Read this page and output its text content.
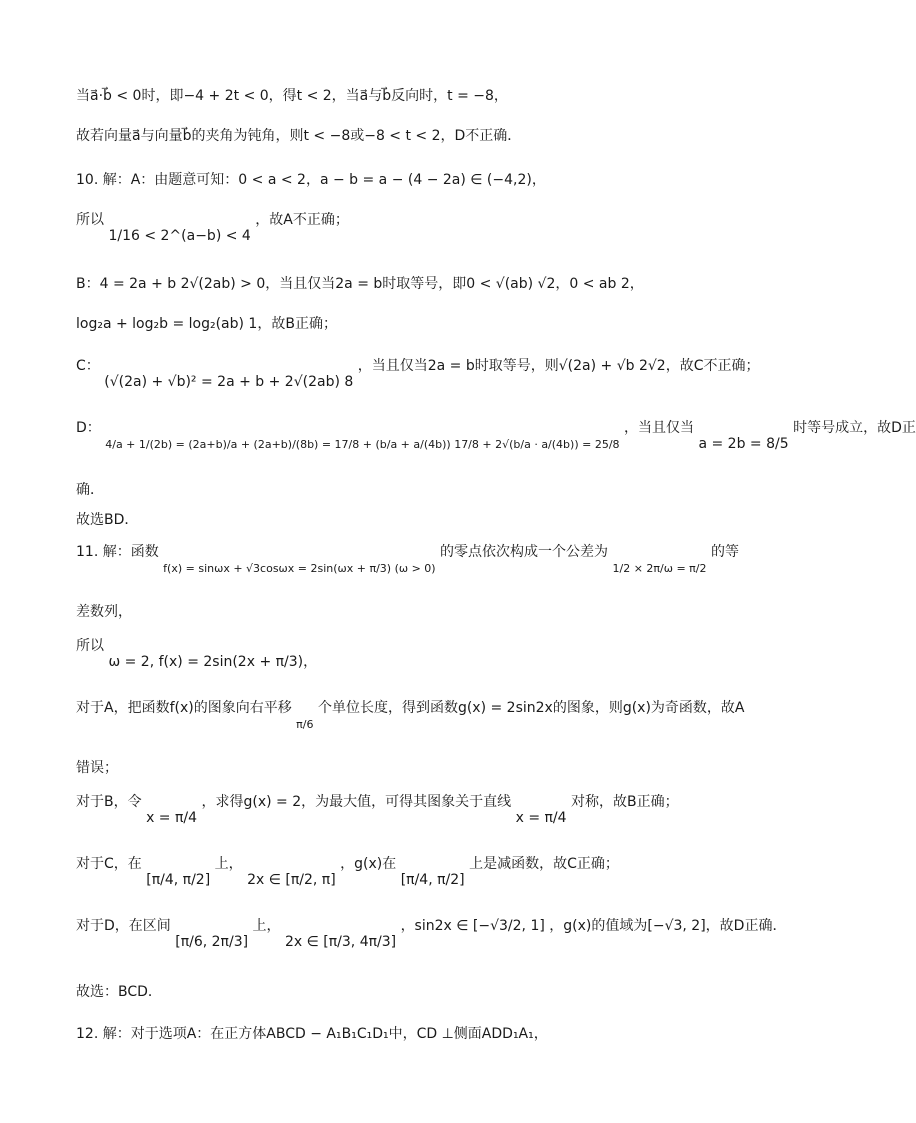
当a⃗·b⃗ < 0时，即−4 + 2t < 0，得t < 2，当a⃗与b⃗反向时，t = −8，
故若向量a⃗与向量b⃗的夹角为钝角，则t < −8或−8 < t < 2，D不正确．
10. 解：A：由题意可知：0 < a < 2，a − b = a − (4 − 2a) ∈ (−4,2)，
所以 1/16 < 2^(a−b) < 4 ，故A不正确；
B：4 = 2a + b 2√(2ab) > 0，当且仅当2a = b时取等号，即0 < √(ab) √2，0 < ab 2，
log₂a + log₂b = log₂(ab) 1，故B正确；
C： (√(2a) + √b)² = 2a + b + 2√(2ab) 8 ，当且仅当2a = b时取等号，则√(2a) + √b 2√2，故C不正确；
D： 4/a + 1/(2b) = (2a+b)/a + (2a+b)/(8b) = 17/8 + (b/a + a/(4b)) 17/8 + 2√(b/a · a/(4b)) = 25/8 ，当且仅当 a = 2b = 8/5 时等号成立，故D正
确．
故选BD．
11. 解：函数 f(x) = sinωx + √3cosωx = 2sin(ωx + π/3) (ω > 0) 的零点依次构成一个公差为 1/2 × 2π/ω = π/2 的等
差数列，
所以 ω = 2, f(x) = 2sin(2x + π/3)，
对于A，把函数f(x)的图象向右平移 π/6 个单位长度，得到函数g(x) = 2sin2x的图象，则g(x)为奇函数，故A
错误；
对于B，令 x = π/4 ，求得g(x) = 2，为最大值，可得其图象关于直线 x = π/4 对称，故B正确；
对于C，在 [π/4, π/2] 上， 2x ∈ [π/2, π] ，g(x)在 [π/4, π/2] 上是减函数，故C正确；
对于D，在区间 [π/6, 2π/3] 上， 2x ∈ [π/3, 4π/3] ，sin2x ∈ [−√3/2, 1] ，g(x)的值域为[−√3, 2]，故D正确．
故选：BCD．
12. 解：对于选项A：在正方体ABCD − A₁B₁C₁D₁中，CD ⊥侧面ADD₁A₁，
